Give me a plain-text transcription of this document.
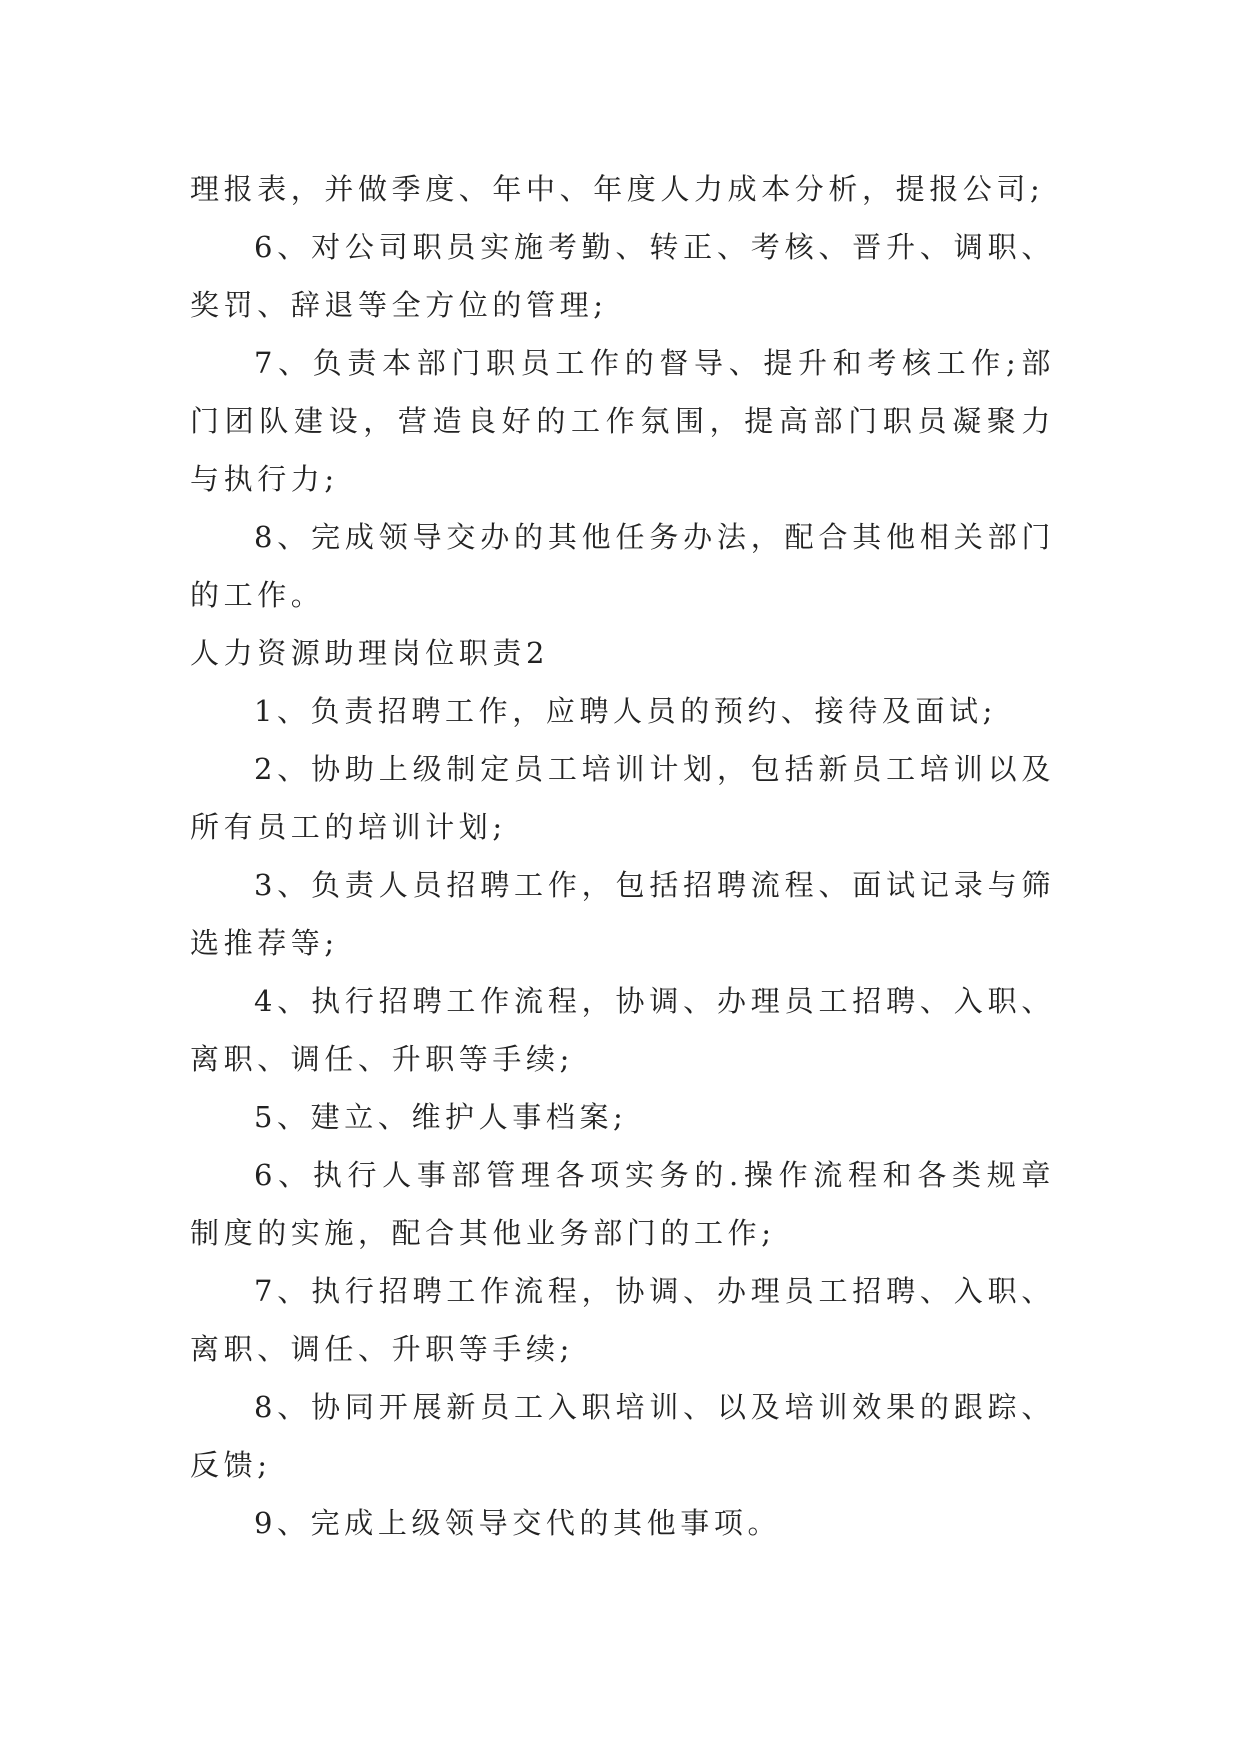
理报表，并做季度、年中、年度人力成本分析，提报公司;

6、对公司职员实施考勤、转正、考核、晋升、调职、奖罚、辞退等全方位的管理;

7、负责本部门职员工作的督导、提升和考核工作;部门团队建设，营造良好的工作氛围，提高部门职员凝聚力与执行力;

8、完成领导交办的其他任务办法，配合其他相关部门的工作。

人力资源助理岗位职责2

1、负责招聘工作，应聘人员的预约、接待及面试;

2、协助上级制定员工培训计划，包括新员工培训以及所有员工的培训计划;

3、负责人员招聘工作，包括招聘流程、面试记录与筛选推荐等;

4、执行招聘工作流程，协调、办理员工招聘、入职、离职、调任、升职等手续;

5、建立、维护人事档案;

6、执行人事部管理各项实务的.操作流程和各类规章制度的实施，配合其他业务部门的工作;

7、执行招聘工作流程，协调、办理员工招聘、入职、离职、调任、升职等手续;

8、协同开展新员工入职培训、以及培训效果的跟踪、反馈;

9、完成上级领导交代的其他事项。
